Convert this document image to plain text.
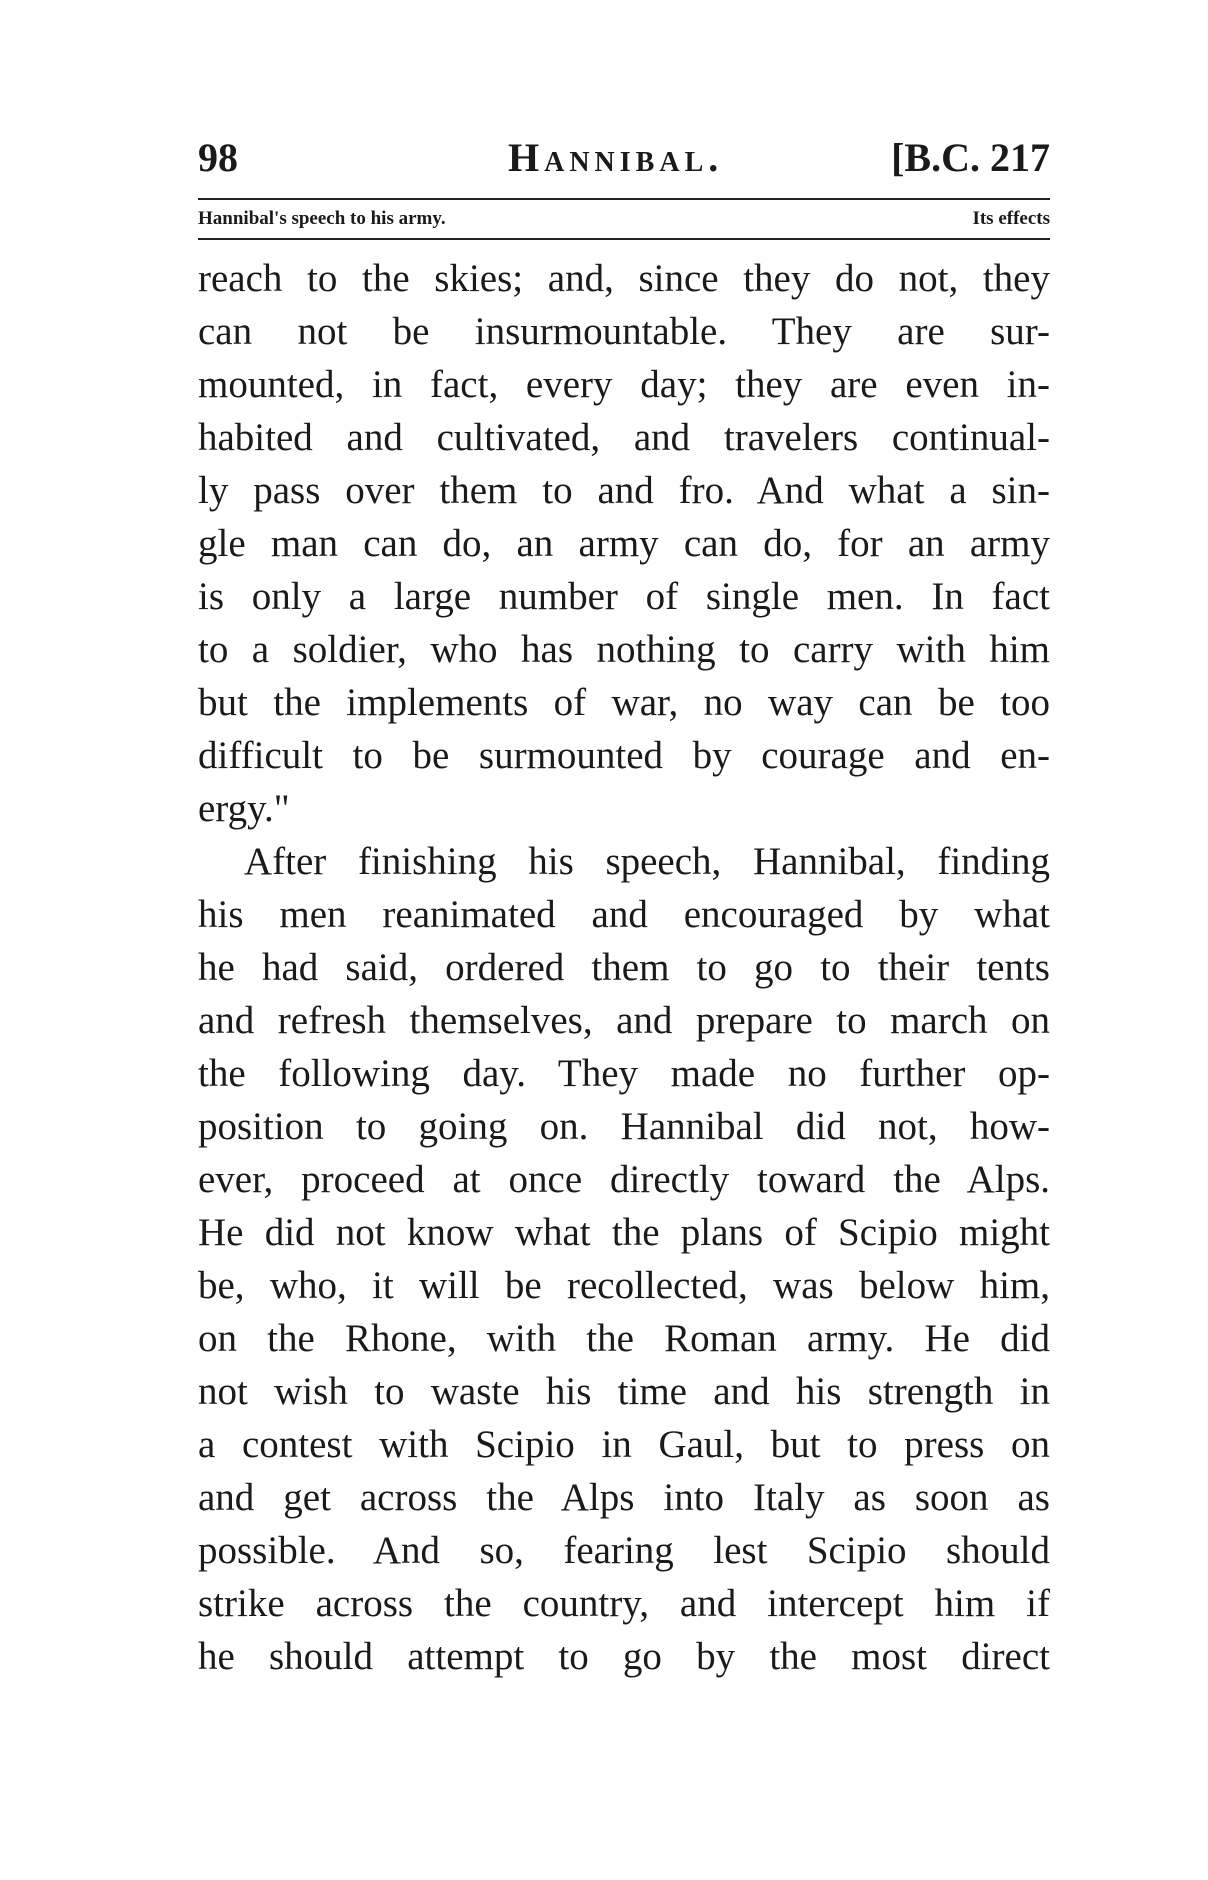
98	Hannibal.	[B.C. 217
Hannibal's speech to his army.	Its effects
reach to the skies; and, since they do not, they
can not be insurmountable. They are sur-
mounted, in fact, every day; they are even in-
habited and cultivated, and travelers continual-
ly pass over them to and fro. And what a sin-
gle man can do, an army can do, for an army
is only a large number of single men. In fact
to a soldier, who has nothing to carry with him
but the implements of war, no way can be too
difficult to be surmounted by courage and en-
ergy."
After finishing his speech, Hannibal, finding
his men reanimated and encouraged by what
he had said, ordered them to go to their tents
and refresh themselves, and prepare to march on
the following day. They made no further op-
position to going on. Hannibal did not, how-
ever, proceed at once directly toward the Alps.
He did not know what the plans of Scipio might
be, who, it will be recollected, was below him,
on the Rhone, with the Roman army. He did
not wish to waste his time and his strength in
a contest with Scipio in Gaul, but to press on
and get across the Alps into Italy as soon as
possible. And so, fearing lest Scipio should
strike across the country, and intercept him if
he should attempt to go by the most direct
